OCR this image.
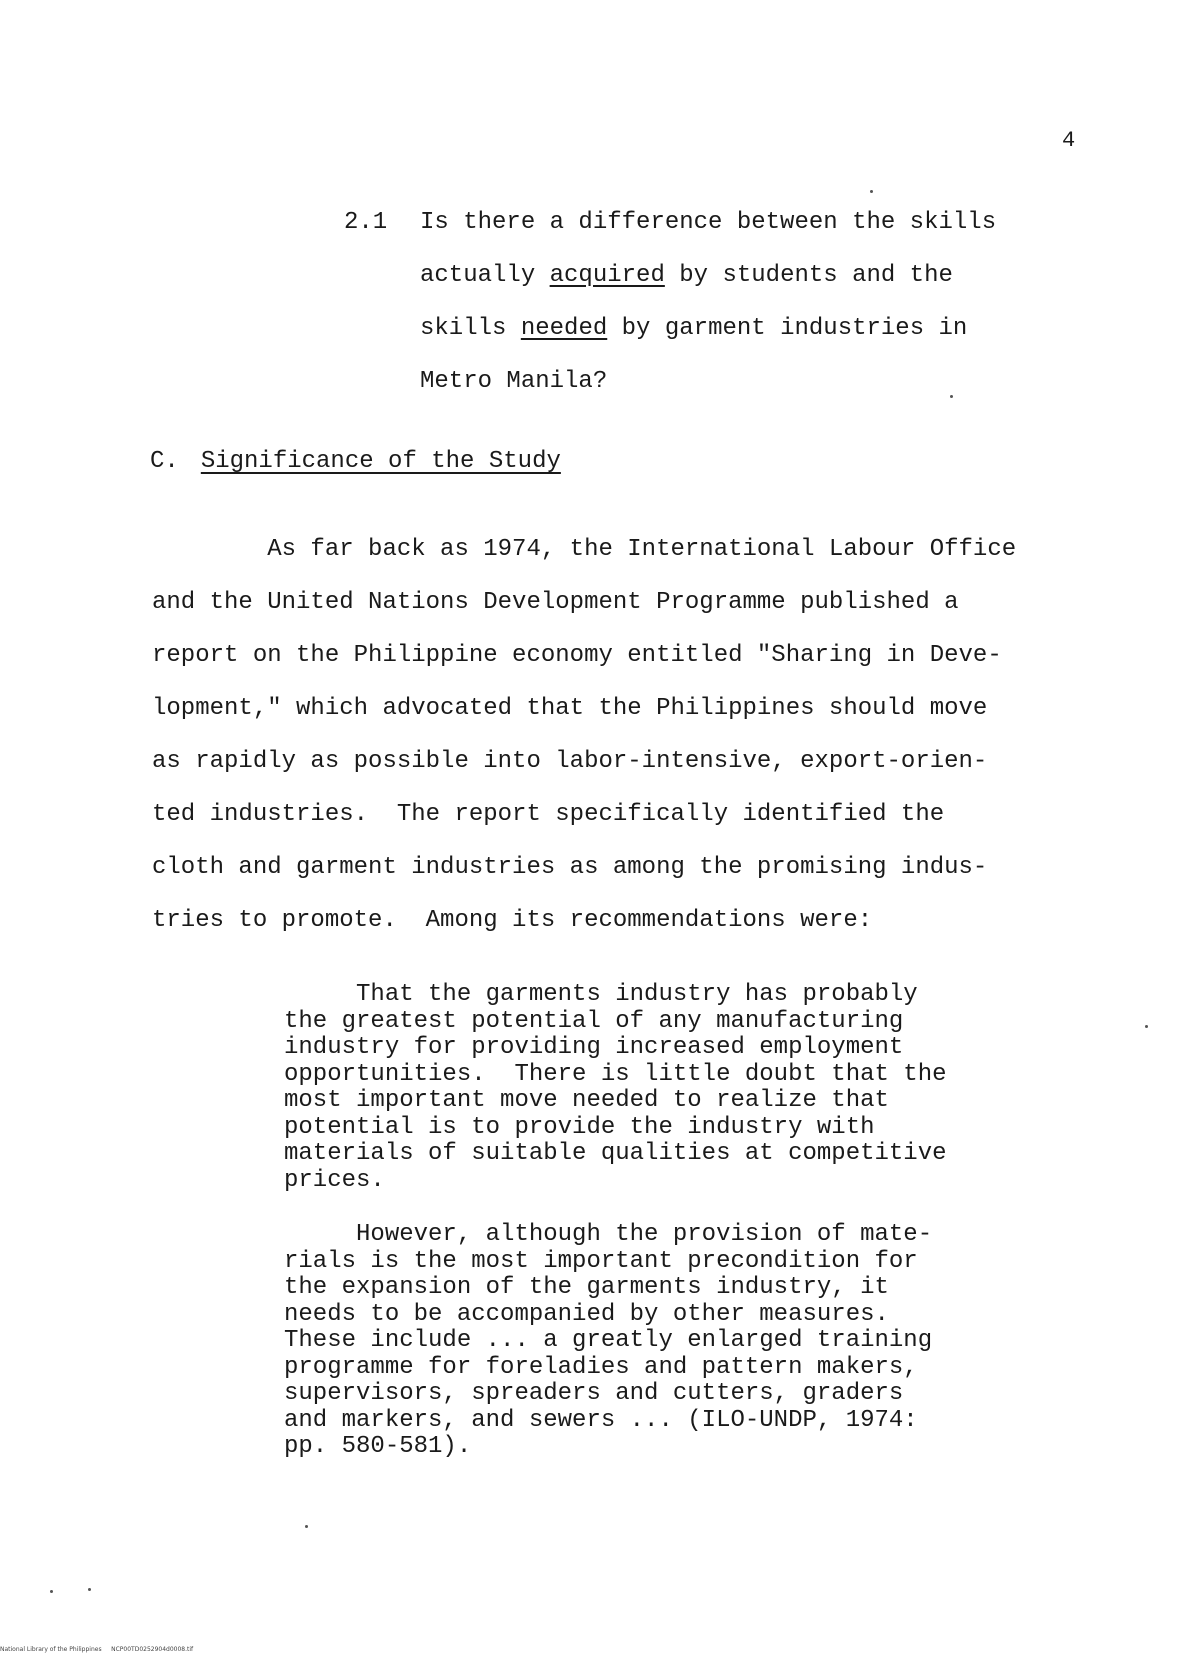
4
2.1 Is there a difference between the skills
actually acquired by students and the
skills needed by garment industries in
Metro Manila?
C. Significance of the Study
As far back as 1974, the International Labour Office
and the United Nations Development Programme published a
report on the Philippine economy entitled "Sharing in Deve-
lopment," which advocated that the Philippines should move
as rapidly as possible into labor-intensive, export-orien-
ted industries.  The report specifically identified the
cloth and garment industries as among the promising indus-
tries to promote.  Among its recommendations were:
That the garments industry has probably
the greatest potential of any manufacturing
industry for providing increased employment
opportunities.  There is little doubt that the
most important move needed to realize that
potential is to provide the industry with
materials of suitable qualities at competitive
prices.
However, although the provision of mate-
rials is the most important precondition for
the expansion of the garments industry, it
needs to be accompanied by other measures.
These include ... a greatly enlarged training
programme for foreladies and pattern makers,
supervisors, spreaders and cutters, graders
and markers, and sewers ... (ILO-UNDP, 1974:
pp. 580-581).
National Library of the Philippines     NCP00TD0252904d0008.tif
